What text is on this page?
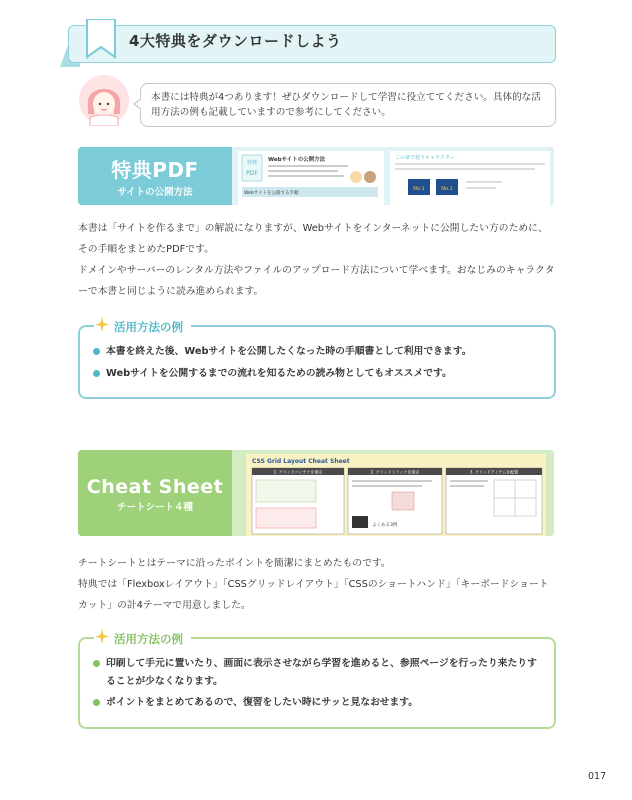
4大特典をダウンロードしよう
本書には特典が4つあります！ぜひダウンロードして学習に役立ててください。具体的な活用方法の例も記載していますので参考にしてください。
特典PDF
サイトの公開方法
特典
PDF
Webサイトの公開方法
Webサイトを公開する手順
この章で使うキャラクター
No.1	No.1
本書は「サイトを作るまで」の解説になりますが、Webサイトをインターネットに公開したい方のために、その手順をまとめたPDFです。
ドメインやサーバーのレンタル方法やファイルのアップロード方法について学べます。おなじみのキャラクターで本書と同じように読み進められます。
活用方法の例
本書を終えた後、Webサイトを公開したくなった時の手順書として利用できます。
Webサイトを公開するまでの流れを知るための読み物としてもオススメです。
Cheat Sheet
チートシート４種
CSS Grid Layout Cheat Sheet
1. グリッドコンテナを指定	2. グリッドトラックを指定
よくある3例
3. グリッドアイテムを配置
チートシートとはテーマに沿ったポイントを簡潔にまとめたものです。
特典では「Flexboxレイアウト」「CSSグリッドレイアウト」「CSSのショートハンド」「キーボードショートカット」の計4テーマで用意しました。
活用方法の例
印刷して手元に置いたり、画面に表示させながら学習を進めると、参照ページを行ったり来たりすることが少なくなります。
ポイントをまとめてあるので、復習をしたい時にサッと見なおせます。
017
